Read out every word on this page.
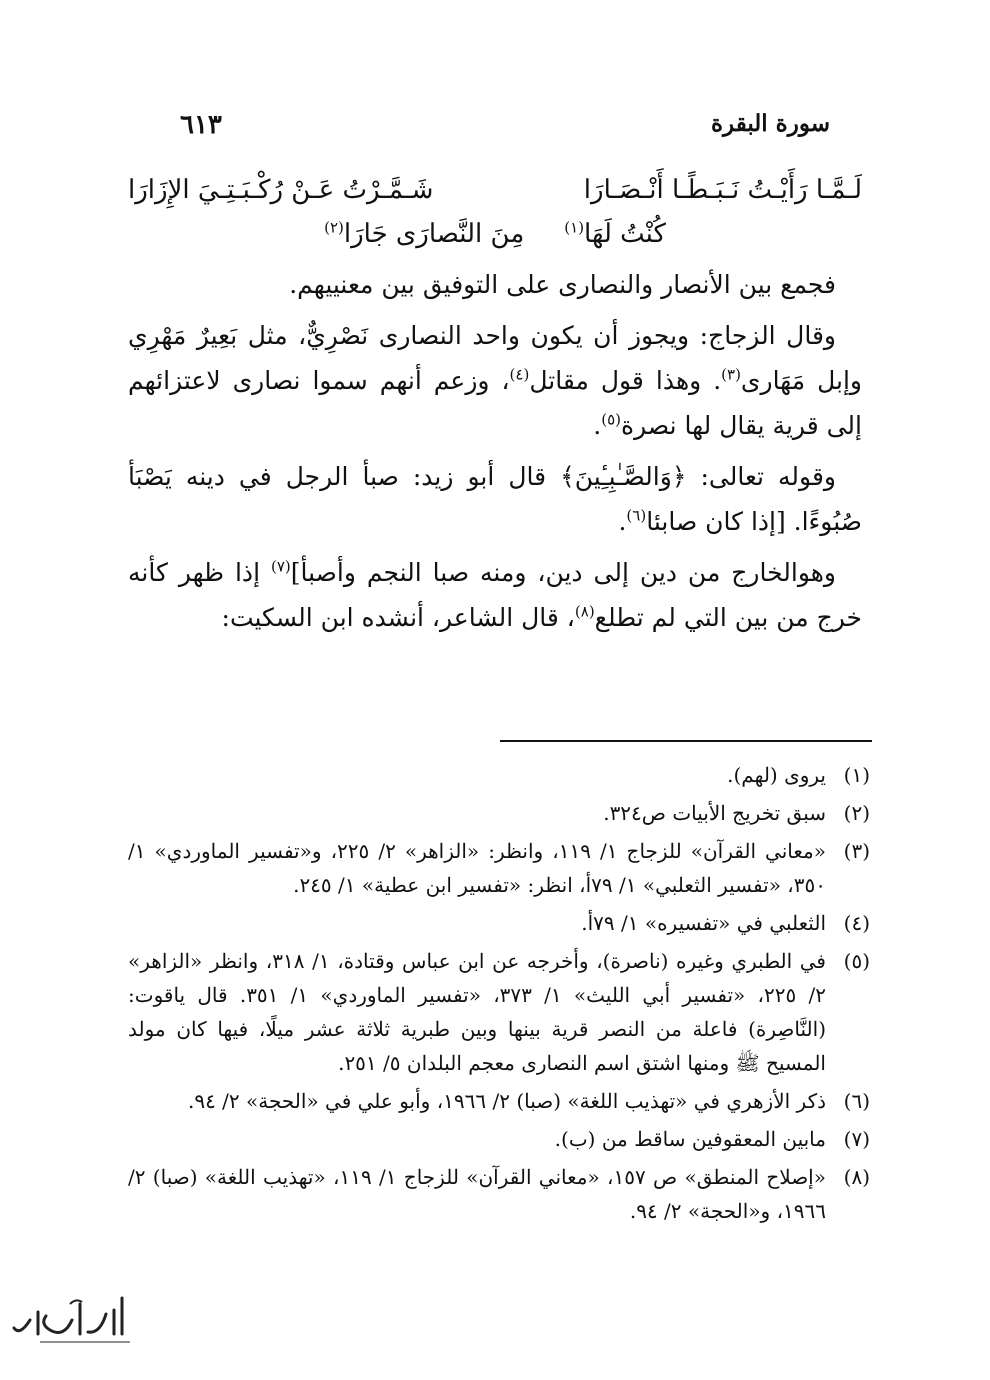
سورة البقرة
٦١٣
لَـمَّـا رَأَيْـتُ نَـبَـطًـا أَنْـصَـارَا
شَـمَّـرْتُ عَـنْ رُكْـبَـتِـيَ الإِزَارَا
كُنْتُ لَهَا$^{(١)}$
مِنَ النَّصارَى جَارَا$^{(٢)}$

فجمع بين الأنصار والنصارى على التوفيق بين معنييهم.

وقال الزجاج: ويجوز أن يكون واحد النصارى نَصْرِيٌّ، مثل بَعِيرٌ مَهْرِي وإبل مَهَارى$^{(٣)}$. وهذا قول مقاتل$^{(٤)}$، وزعم أنهم سموا نصارى لاعتزائهم إلى قرية يقال لها نصرة$^{(٥)}$.

وقوله تعالى: ﴿وَالصَّـٰبِـِٔينَ﴾ قال أبو زيد: صبأ الرجل في دينه يَصْبَأ صُبُوءًا. [إذا كان صابئا$^{(٦)}$.

وهوالخارج من دين إلى دين، ومنه صبا النجم وأصبأ]$^{(٧)}$ إذا ظهر كأنه خرج من بين التي لم تطلع$^{(٨)}$، قال الشاعر، أنشده ابن السكيت:

(١)
يروى (لهم).
(٢)
سبق تخريج الأبيات ص٣٢٤.
(٣)
«معاني القرآن» للزجاج ١/ ١١٩، وانظر: «الزاهر» ٢/ ٢٢٥، و«تفسير الماوردي» ١/ ٣٥٠، «تفسير الثعلبي» ١/ ٧٩أ، انظر: «تفسير ابن عطية» ١/ ٢٤٥.
(٤)
الثعلبي في «تفسيره» ١/ ٧٩أ.
(٥)
في الطبري وغيره (ناصرة)، وأخرجه عن ابن عباس وقتادة، ١/ ٣١٨، وانظر «الزاهر» ٢/ ٢٢٥، «تفسير أبي الليث» ١/ ٣٧٣، «تفسير الماوردي» ١/ ٣٥١. قال ياقوت: (النَّاصِرة) فاعلة من النصر قرية بينها وبين طبرية ثلاثة عشر ميلًا، فيها كان مولد المسيح ﷺ ومنها اشتق اسم النصارى معجم البلدان ٥/ ٢٥١.
(٦)
ذكر الأزهري في «تهذيب اللغة» (صبا) ٢/ ١٩٦٦، وأبو علي في «الحجة» ٢/ ٩٤.
(٧)
مابين المعقوفين ساقط من (ب).
(٨)
«إصلاح المنطق» ص ١٥٧، «معاني القرآن» للزجاج ١/ ١١٩، «تهذيب اللغة» (صبا) ٢/ ١٩٦٦، و«الحجة» ٢/ ٩٤.
